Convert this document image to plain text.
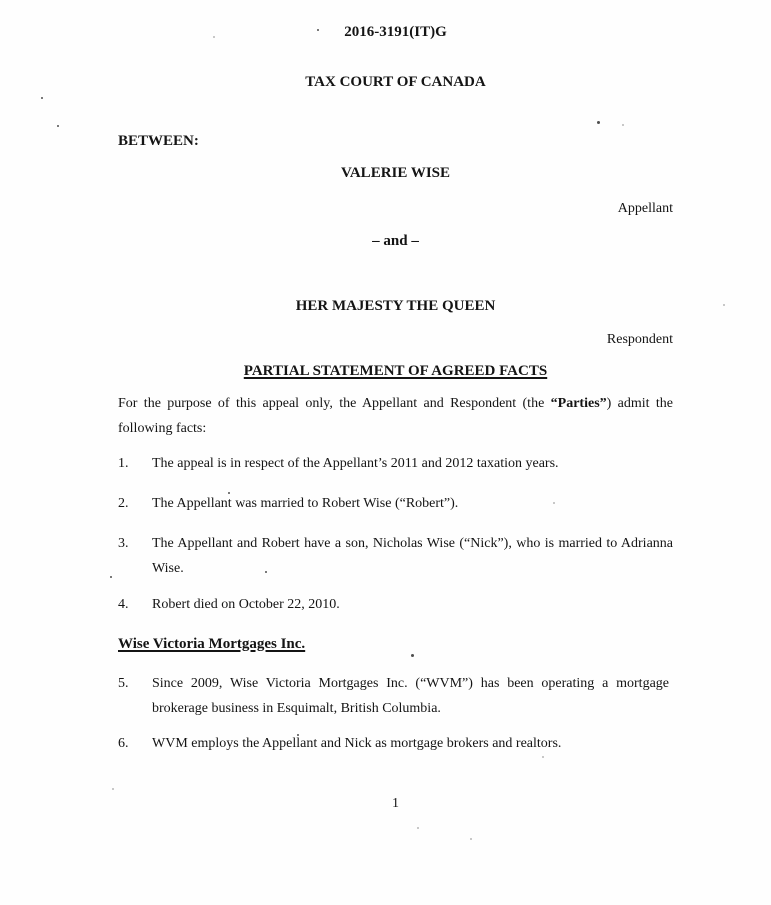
2016-3191(IT)G
TAX COURT OF CANADA
BETWEEN:
VALERIE WISE
Appellant
– and –
HER MAJESTY THE QUEEN
Respondent
PARTIAL STATEMENT OF AGREED FACTS

For the purpose of this appeal only, the Appellant and Respondent (the “Parties”) admit the following facts:

1.	The appeal is in respect of the Appellant’s 2011 and 2012 taxation years.

2.	The Appellant was married to Robert Wise (“Robert”).

3.	The Appellant and Robert have a son, Nicholas Wise (“Nick”), who is married to Adrianna Wise.

4.	Robert died on October 22, 2010.

Wise Victoria Mortgages Inc.
5.	Since 2009, Wise Victoria Mortgages Inc. (“WVM”) has been operating a mortgage brokerage business in Esquimalt, British Columbia.

6.	WVM employs the Appellant and Nick as mortgage brokers and realtors.

1
